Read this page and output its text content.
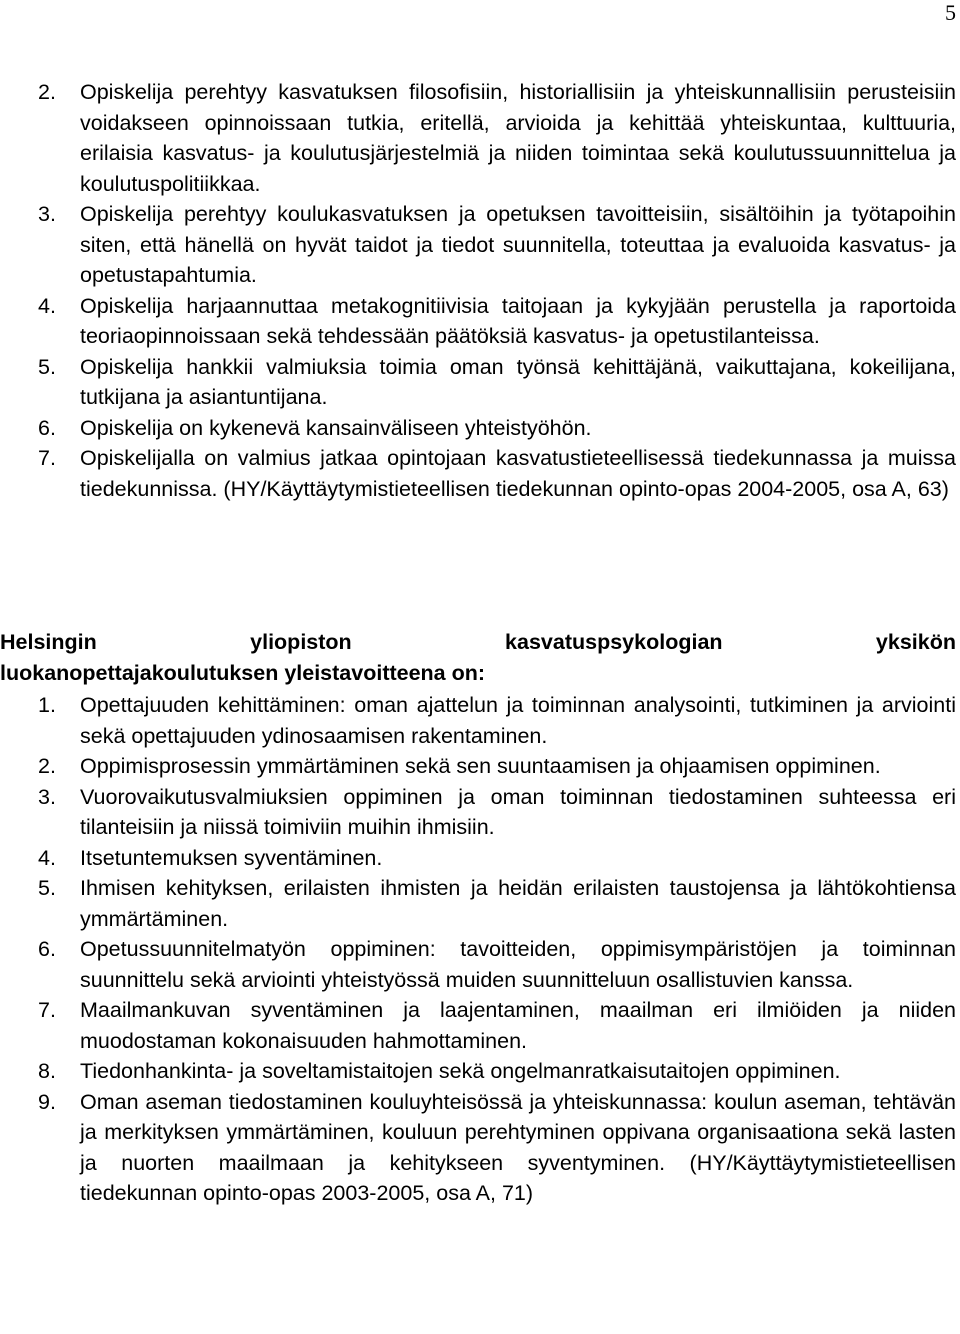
5
2. Opiskelija perehtyy kasvatuksen filosofisiin, historiallisiin ja yhteiskunnallisiin perusteisiin voidakseen opinnoissaan tutkia, eritellä, arvioida ja kehittää yhteiskuntaa, kulttuuria, erilaisia kasvatus- ja koulutusjärjestelmiä ja niiden toimintaa sekä koulutussuunnittelua ja koulutuspolitiikkaa.
3. Opiskelija perehtyy koulukasvatuksen ja opetuksen tavoitteisiin, sisältöihin ja työtapoihin siten, että hänellä on hyvät taidot ja tiedot suunnitella, toteuttaa ja evaluoida kasvatus- ja opetustapahtumia.
4. Opiskelija harjaannuttaa metakognitiivisia taitojaan ja kykyjään perustella ja raportoida teoriaopinnoissaan sekä tehdessään päätöksiä kasvatus- ja opetustilanteissa.
5. Opiskelija hankkii valmiuksia toimia oman työnsä kehittäjänä, vaikuttajana, kokeilijana, tutkijana ja asiantuntijana.
6. Opiskelija on kykenevä kansainväliseen yhteistyöhön.
7. Opiskelijalla on valmius jatkaa opintojaan kasvatustieteellisessä tiedekunnassa ja muissa tiedekunnissa. (HY/Käyttäytymistieteellisen tiedekunnan opinto-opas 2004-2005, osa A, 63)
Helsingin yliopiston kasvatuspsykologian yksikön
luokanopettajakoulutuksen yleistavoitteena on:
1. Opettajuuden kehittäminen: oman ajattelun ja toiminnan analysointi, tutkiminen ja arviointi sekä opettajuuden ydinosaamisen rakentaminen.
2. Oppimisprosessin ymmärtäminen sekä sen suuntaamisen ja ohjaamisen oppiminen.
3. Vuorovaikutusvalmiuksien oppiminen ja oman toiminnan tiedostaminen suhteessa eri tilanteisiin ja niissä toimiviin muihin ihmisiin.
4. Itsetuntemuksen syventäminen.
5. Ihmisen kehityksen, erilaisten ihmisten ja heidän erilaisten taustojensa ja lähtökohtiensa ymmärtäminen.
6. Opetussuunnitelmatyön oppiminen: tavoitteiden, oppimisympäristöjen ja toiminnan suunnittelu sekä arviointi yhteistyössä muiden suunnitteluun osallistuvien kanssa.
7. Maailmankuvan syventäminen ja laajentaminen, maailman eri ilmiöiden ja niiden muodostaman kokonaisuuden hahmottaminen.
8. Tiedonhankinta- ja soveltamistaitojen sekä ongelmanratkaisutaitojen oppiminen.
9. Oman aseman tiedostaminen kouluyhteisössä ja yhteiskunnassa: koulun aseman, tehtävän ja merkityksen ymmärtäminen, kouluun perehtyminen oppivana organisaationa sekä lasten ja nuorten maailmaan ja kehitykseen syventyminen. (HY/Käyttäytymistieteellisen tiedekunnan opinto-opas 2003-2005, osa A, 71)
